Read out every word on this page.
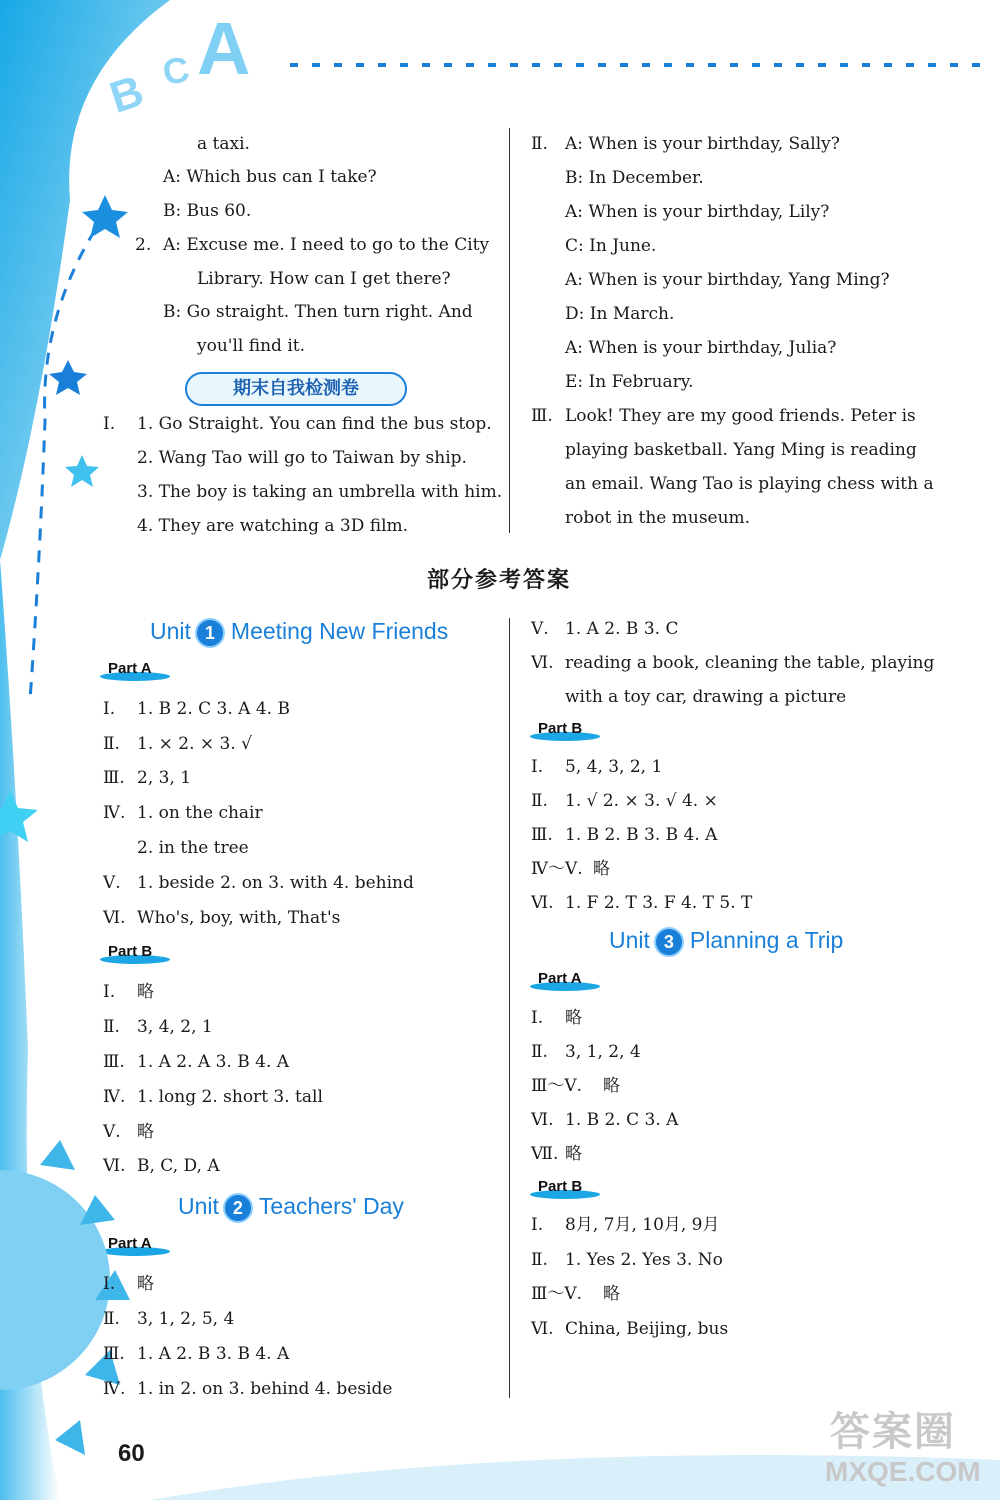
B C A
a taxi.
A: Which bus can I take?
B: Bus 60.
2. A: Excuse me. I need to go to the City
Library. How can I get there?
B: Go straight. Then turn right. And
you'll find it.
期末自我检测卷
Ⅰ. 1. Go Straight. You can find the bus stop.
2. Wang Tao will go to Taiwan by ship.
3. The boy is taking an umbrella with him.
4. They are watching a 3D film.
Ⅱ. A: When is your birthday, Sally?
B: In December.
A: When is your birthday, Lily?
C: In June.
A: When is your birthday, Yang Ming?
D: In March.
A: When is your birthday, Julia?
E: In February.
Ⅲ. Look! They are my good friends. Peter is
playing basketball. Yang Ming is reading
an email. Wang Tao is playing chess with a
robot in the museum.
部分参考答案
Unit 1 Meeting New Friends
Part A
Ⅰ. 1. B 2. C 3. A 4. B
Ⅱ. 1. × 2. × 3. √
Ⅲ. 2, 3, 1
Ⅳ. 1. on the chair
2. in the tree
Ⅴ. 1. beside 2. on 3. with 4. behind
Ⅵ. Who's, boy, with, That's
Part B
Ⅰ. 略
Ⅱ. 3, 4, 2, 1
Ⅲ. 1. A 2. A 3. B 4. A
Ⅳ. 1. long 2. short 3. tall
Ⅴ. 略
Ⅵ. B, C, D, A
Unit 2 Teachers' Day
Part A
Ⅰ. 略
Ⅱ. 3, 1, 2, 5, 4
Ⅲ. 1. A 2. B 3. B 4. A
Ⅳ. 1. in 2. on 3. behind 4. beside
Ⅴ. 1. A 2. B 3. C
Ⅵ. reading a book, cleaning the table, playing
with a toy car, drawing a picture
Part B
Ⅰ. 5, 4, 3, 2, 1
Ⅱ. 1. √ 2. × 3. √ 4. ×
Ⅲ. 1. B 2. B 3. B 4. A
Ⅳ～Ⅴ. 略
Ⅵ. 1. F 2. T 3. F 4. T 5. T
Unit 3 Planning a Trip
Part A
Ⅰ. 略
Ⅱ. 3, 1, 2, 4
Ⅲ～Ⅴ. 略
Ⅵ. 1. B 2. C 3. A
Ⅶ. 略
Part B
Ⅰ. 8月, 7月, 10月, 9月
Ⅱ. 1. Yes 2. Yes 3. No
Ⅲ～Ⅴ. 略
Ⅵ. China, Beijing, bus
60	答案圈
MXQE.COM
